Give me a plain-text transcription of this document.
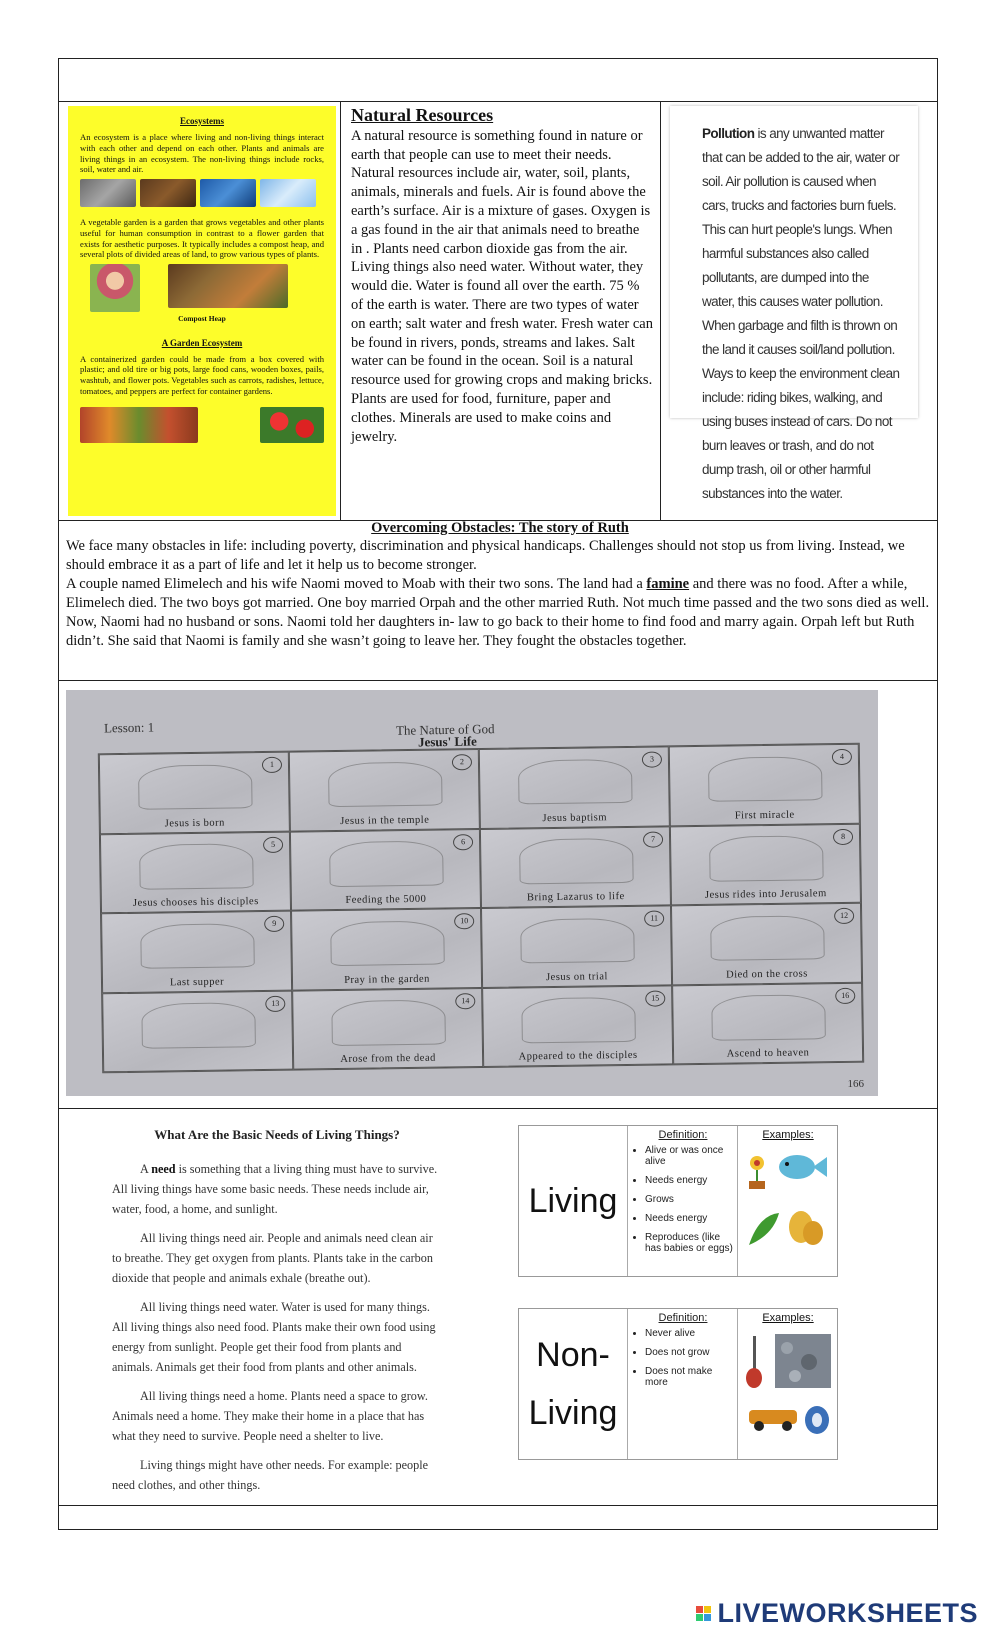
Ecosystems

An ecosystem is a place where living and non-living things interact with each other and depend on each other. Plants and animals are living things in an ecosystem. The non-living things include rocks, soil, water and air.

A vegetable garden is a garden that grows vegetables and other plants useful for human consumption in contrast to a flower garden that exists for aesthetic purposes. It typically includes a compost heap, and several plots of divided areas of land, to grow various types of plants.

Compost Heap
A Garden Ecosystem

A containerized garden could be made from a box covered with plastic; and old tire or big pots, large food cans, wooden boxes, pails, washtub, and flower pots. Vegetables such as carrots, radishes, lettuce, tomatoes, and peppers are perfect for container gardens.

Natural Resources

A natural resource is something found in nature or earth that people can use to meet their needs. Natural resources include air, water, soil, plants, animals, minerals and fuels. Air is found above the earth’s surface. Air is a mixture of gases. Oxygen is a gas found in the air that animals need to breathe in . Plants need carbon dioxide gas from the air. Living things also need water. Without water, they would die. Water is found all over the earth. 75 % of the earth is water. There are two types of water on earth; salt water and fresh water. Fresh water can be found in rivers, ponds, streams and lakes. Salt water can be found in the ocean. Soil is a natural resource used for growing crops and making bricks. Plants are used for food, furniture, paper and clothes. Minerals are used to make coins and jewelry.

Pollution is any unwanted matter that can be added to the air, water or soil. Air pollution is caused when cars, trucks and factories burn fuels. This can hurt people's lungs. When harmful substances also called pollutants, are dumped into the water, this causes water pollution. When garbage and filth is thrown on the land it causes soil/land pollution. Ways to keep the environment clean include: riding bikes, walking, and using buses instead of cars. Do not burn leaves or trash, and do not dump trash, oil or other harmful substances into the water.
Overcoming Obstacles: The story of Ruth

We face many obstacles in life: including poverty, discrimination and physical handicaps. Challenges should not stop us from living. Instead, we should embrace it as a part of life and let it help us to become stronger.

A couple named Elimelech and his wife Naomi moved to Moab with their two sons. The land had a famine and there was no food. After a while, Elimelech died. The two boys got married. One boy married Orpah and the other married Ruth. Not much time passed and the two sons died as well. Now, Naomi had no husband or sons. Naomi told her daughters in- law to go back to their home to find food and marry again. Orpah left but Ruth didn’t. She said that Naomi is family and she wasn’t going to leave her. They fought the obstacles together.

Lesson: 1	The Nature of God
Jesus' Life
1
Jesus is born
2
Jesus in the temple
3
Jesus baptism
4
First miracle
5
Jesus chooses his disciples
6
Feeding the 5000
7
Bring Lazarus to life
8
Jesus rides into Jerusalem
9
Last supper
10
Pray in the garden
11
Jesus on trial
12
Died on the cross
13	14
Arose from the dead
15
Appeared to the disciples
16
Ascend to heaven
166
What Are the Basic Needs of Living Things?

A need is something that a living thing must have to survive. All living things have some basic needs. These needs include air, water, food, a home, and sunlight.

All living things need air. People and animals need clean air to breathe. They get oxygen from plants. Plants take in the carbon dioxide that people and animals exhale (breathe out).

All living things need water. Water is used for many things. All living things also need food. Plants make their own food using energy from sunlight. People get their food from plants and animals. Animals get their food from plants and other animals.

All living things need a home. Plants need a space to grow. Animals need a home. They make their home in a place that has what they need to survive. People need a shelter to live.

Living things might have other needs. For example: people need clothes, and other things.

Living
Definition:
• Alive or was once alive
• Needs energy
• Grows
• Needs energy
• Reproduces (like has babies or eggs)
Examples:
Non-Living
Definition:
• Never alive
• Does not grow
• Does not make more
Examples:
LIVEWORKSHEETS
